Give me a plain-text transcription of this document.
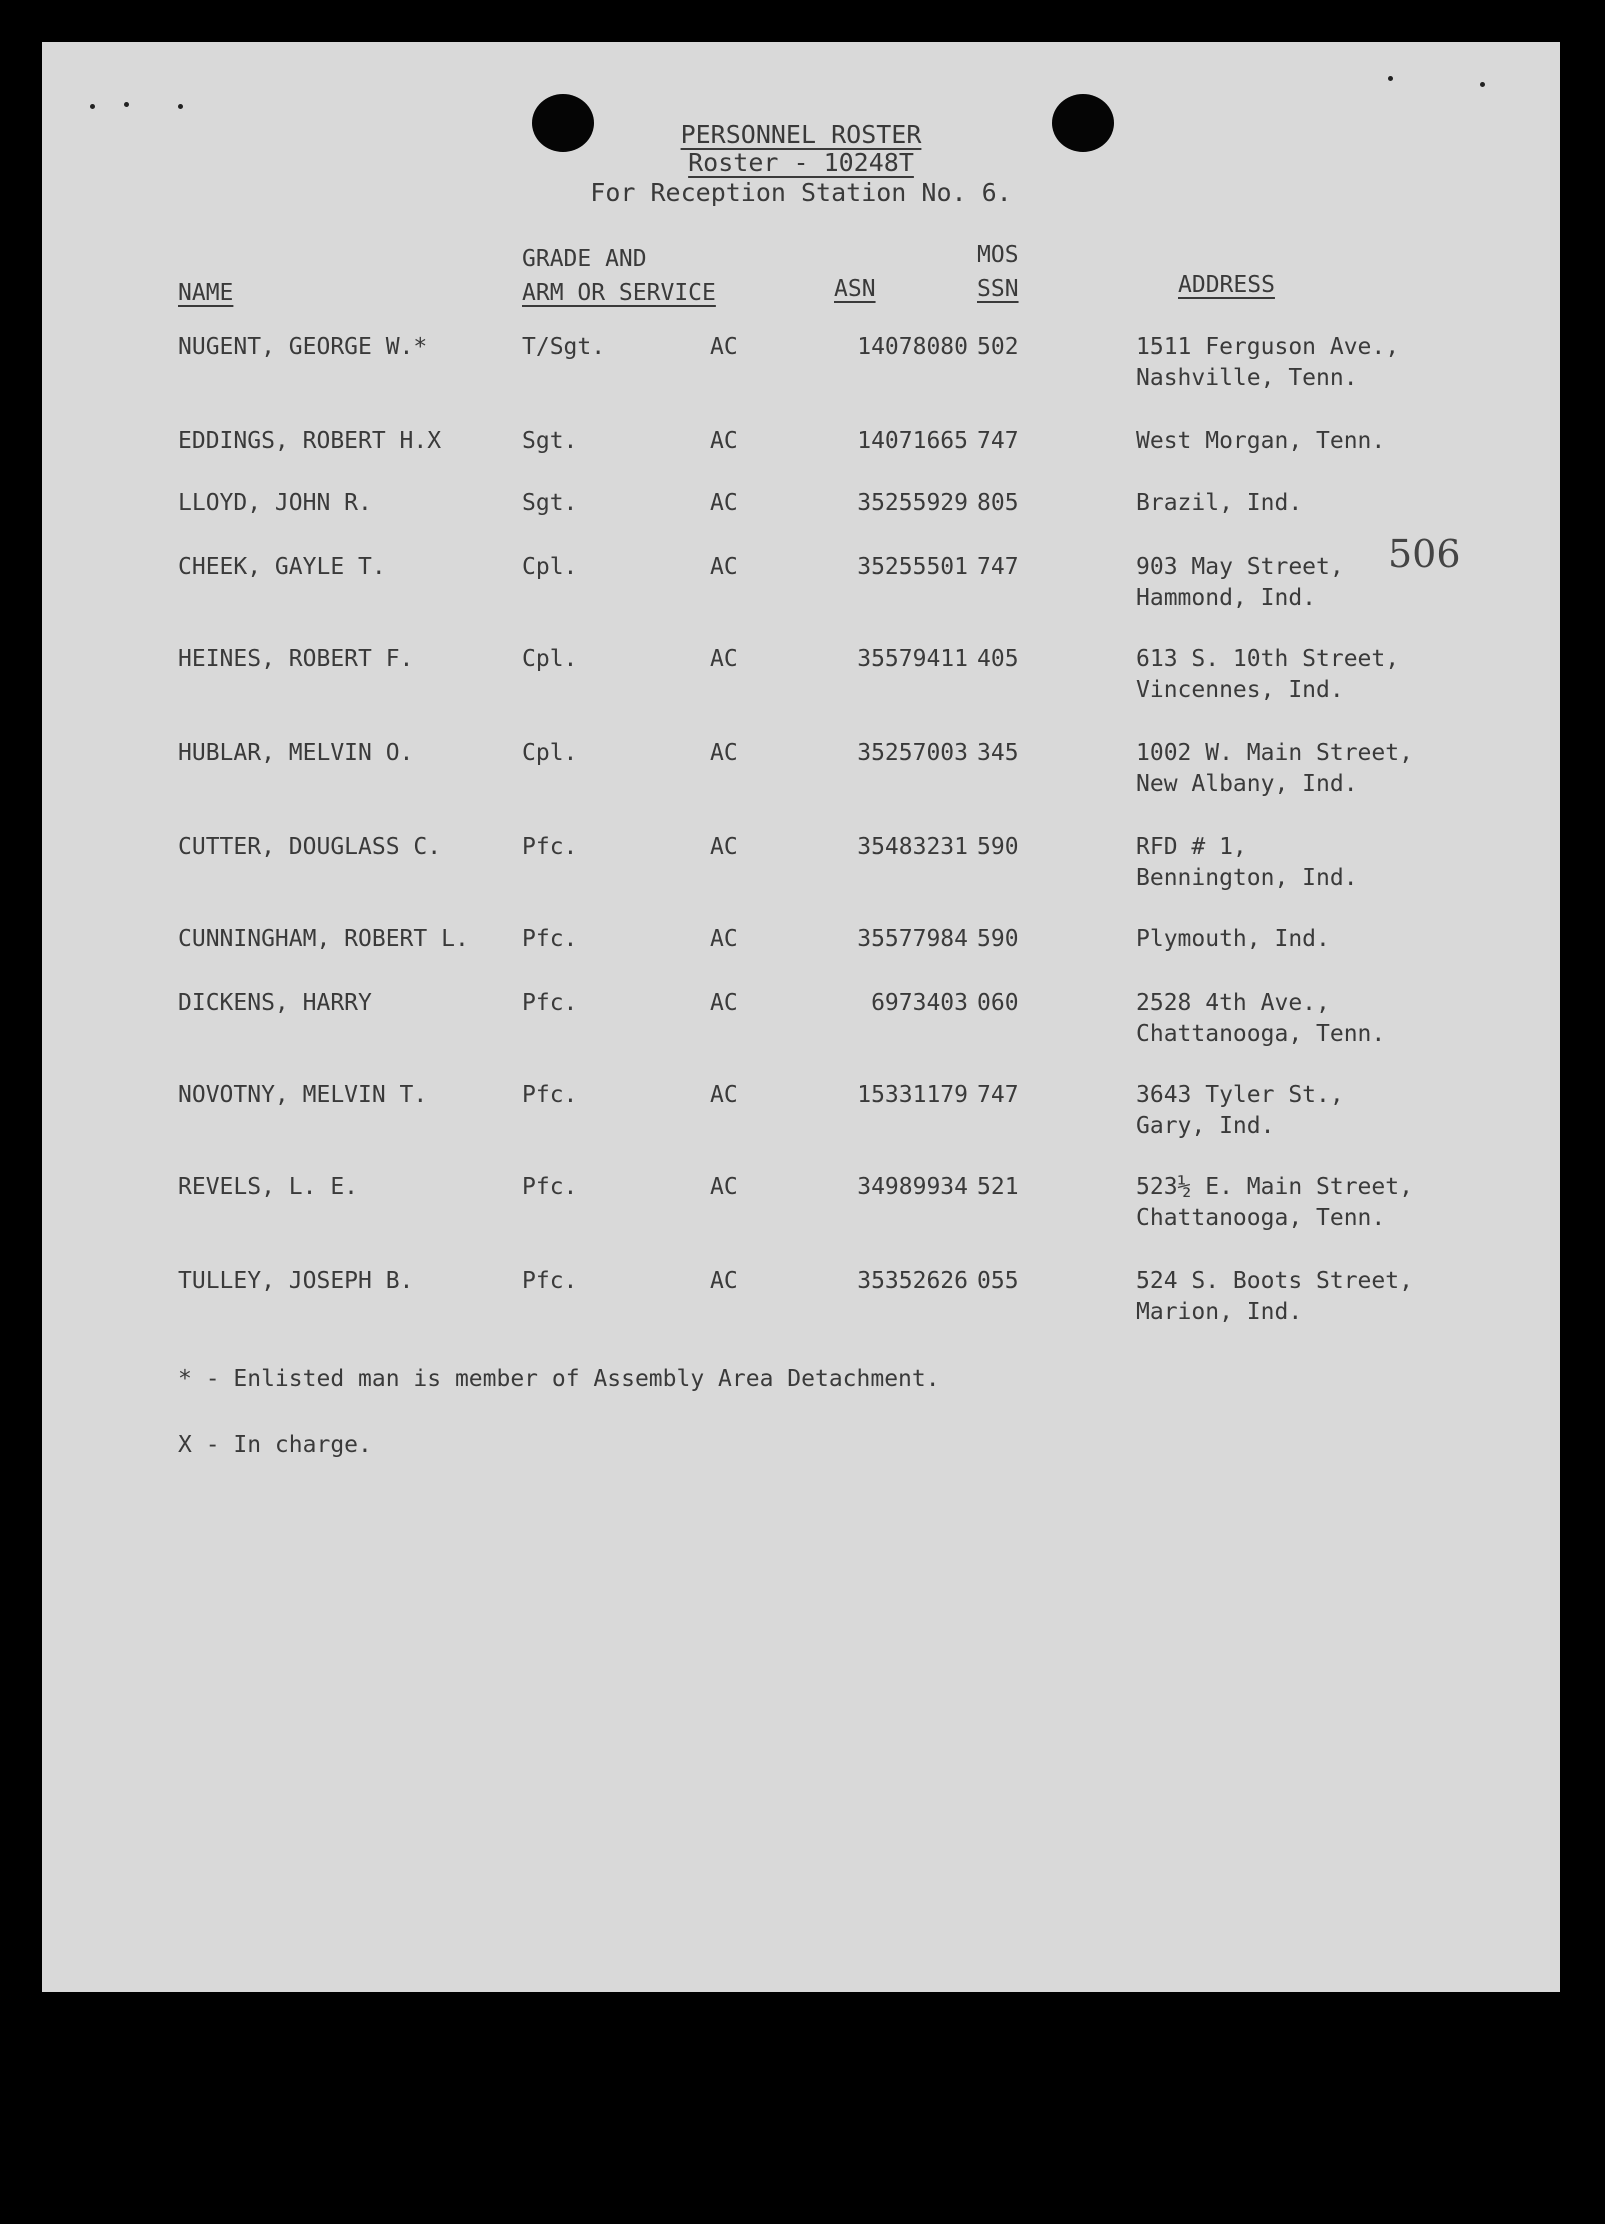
PERSONNEL ROSTER
Roster - 10248T
For Reception Station No. 6.
NAME
GRADE AND
ARM OR SERVICE	ASN
MOS
SSN	ADDRESS
NUGENT, GEORGE W.*	T/Sgt.	AC	14078080 502	1511 Ferguson Ave.,
Nashville, Tenn.
EDDINGS, ROBERT H.X	Sgt.	AC	14071665 747	West Morgan, Tenn.
LLOYD, JOHN R.	Sgt.	AC	35255929 805	Brazil, Ind.
CHEEK, GAYLE T.	Cpl.	AC	35255501 747	903 May Street,
Hammond, Ind.
HEINES, ROBERT F.	Cpl.	AC	35579411 405	613 S. 10th Street,
Vincennes, Ind.
HUBLAR, MELVIN O.	Cpl.	AC	35257003 345	1002 W. Main Street,
New Albany, Ind.
CUTTER, DOUGLASS C.	Pfc.	AC	35483231 590	RFD # 1,
Bennington, Ind.
CUNNINGHAM, ROBERT L. Pfc.	AC	35577984 590	Plymouth, Ind.
DICKENS, HARRY	Pfc.	AC	6973403 060	2528 4th Ave.,
Chattanooga, Tenn.
NOVOTNY, MELVIN T.	Pfc.	AC	15331179 747	3643 Tyler St.,
Gary, Ind.
REVELS, L. E.	Pfc.	AC	34989934 521	523½ E. Main Street,
Chattanooga, Tenn.
TULLEY, JOSEPH B.	Pfc.	AC	35352626 055	524 S. Boots Street,
Marion, Ind.
506
* - Enlisted man is member of Assembly Area Detachment.
X - In charge.
